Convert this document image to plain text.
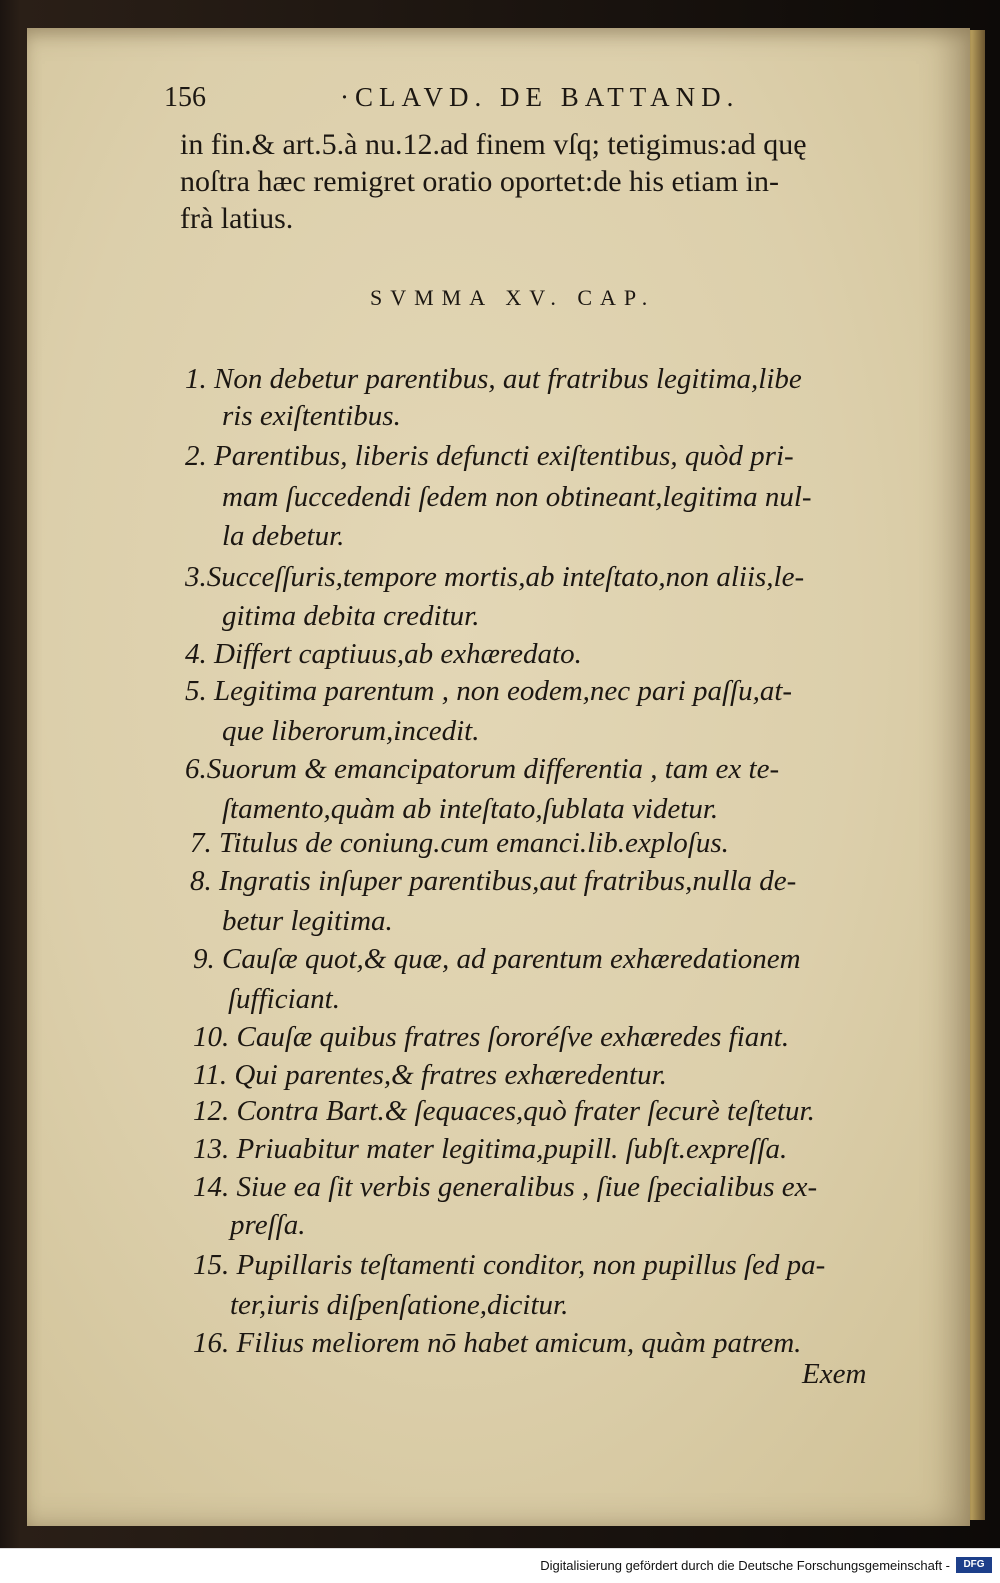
156	·CLAVD. DE BATTAND.
in fin.& art.5.à nu.12.ad finem vſq; tetigimus:ad quę
noſtra hæc remigret oratio oportet:de his etiam in-
frà latius.
SVMMA XV. CAP.
1. Non debetur parentibus, aut fratribus legitima,libe
ris exiſtentibus.
2. Parentibus, liberis defuncti exiſtentibus, quòd pri-
mam ſuccedendi ſedem non obtineant,legitima nul-
la debetur.
3.Succeſſuris,tempore mortis,ab inteſtato,non aliis,le-
gitima debita creditur.
4. Differt captiuus,ab exhæredato.
5. Legitima parentum , non eodem,nec pari paſſu,at-
que liberorum,incedit.
6.Suorum & emancipatorum differentia , tam ex te-
ſtamento,quàm ab inteſtato,ſublata videtur.
7. Titulus de coniung.cum emanci.lib.exploſus.
8. Ingratis inſuper parentibus,aut fratribus,nulla de-
betur legitima.
9. Cauſæ quot,& quæ, ad parentum exhæredationem
ſufficiant.
10. Cauſæ quibus fratres ſororéſve exhæredes fiant.
11. Qui parentes,& fratres exhæredentur.
12. Contra Bart.& ſequaces,quò frater ſecurè teſtetur.
13. Priuabitur mater legitima,pupill. ſubſt.expreſſa.
14. Siue ea ſit verbis generalibus , ſiue ſpecialibus ex-
preſſa.
15. Pupillaris teſtamenti conditor, non pupillus ſed pa-
ter,iuris diſpenſatione,dicitur.
16. Filius meliorem nō habet amicum, quàm patrem.
Exem
Digitalisierung gefördert durch die Deutsche Forschungsgemeinschaft -	DFG
